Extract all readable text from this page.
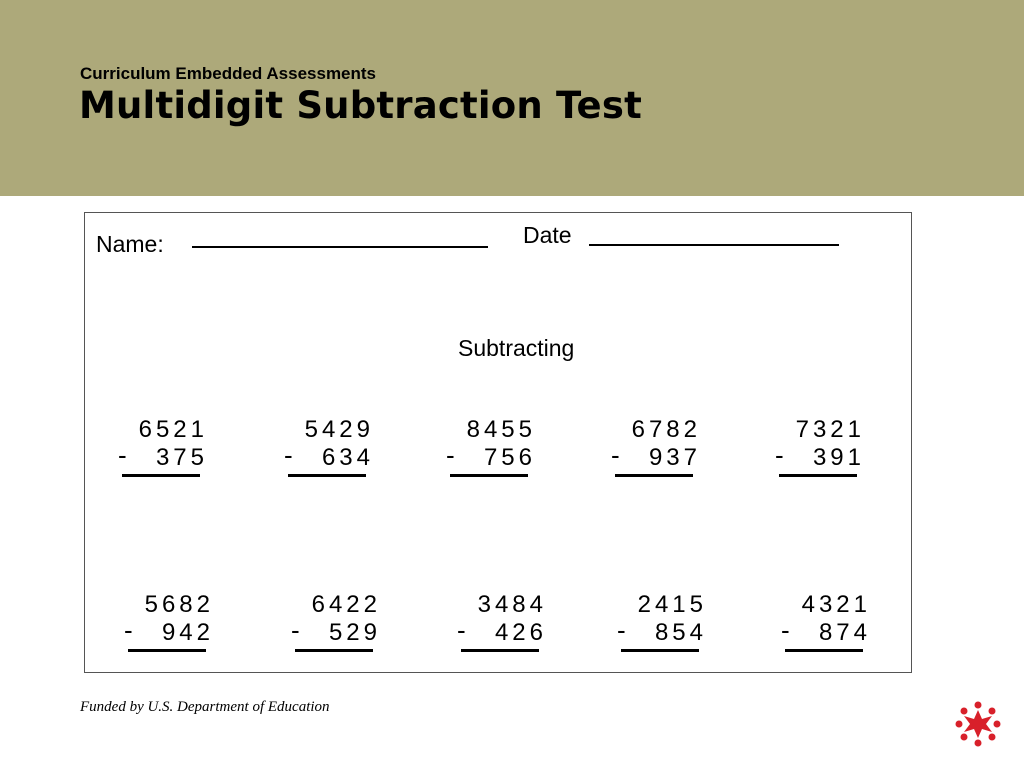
Curriculum Embedded Assessments
Multidigit Subtraction Test
Name:	Date
Subtracting
6521
- 375
5429
- 634
8455
- 756
6782
- 937
7321
- 391
5682
- 942
6422
- 529
3484
- 426
2415
- 854
4321
- 874
Funded by U.S. Department of Education
